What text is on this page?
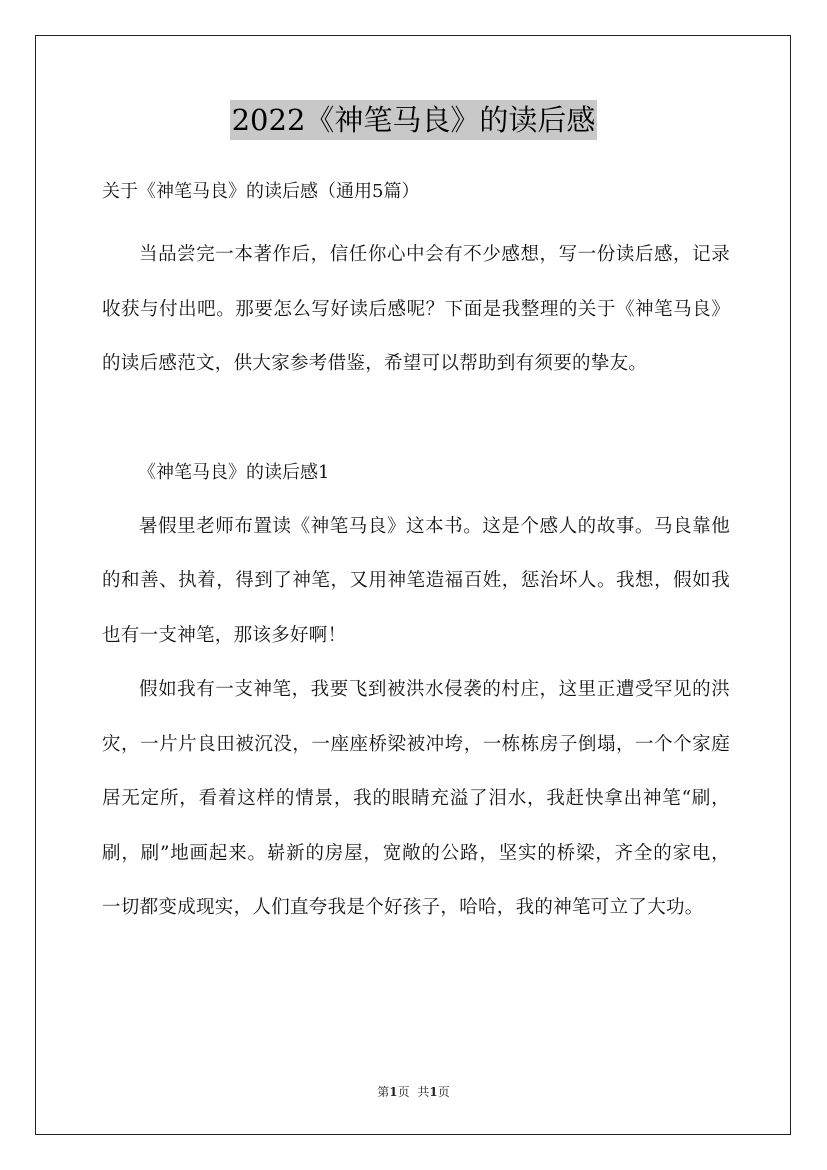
2022《神笔马良》的读后感

关于《神笔马良》的读后感（通用5篇）

当品尝完一本著作后，信任你心中会有不少感想，写一份读后感，记录收获与付出吧。那要怎么写好读后感呢？下面是我整理的关于《神笔马良》的读后感范文，供大家参考借鉴，希望可以帮助到有须要的挚友。

《神笔马良》的读后感1

暑假里老师布置读《神笔马良》这本书。这是个感人的故事。马良靠他的和善、执着，得到了神笔，又用神笔造福百姓，惩治坏人。我想，假如我也有一支神笔，那该多好啊！

假如我有一支神笔，我要飞到被洪水侵袭的村庄，这里正遭受罕见的洪灾，一片片良田被沉没，一座座桥梁被冲垮，一栋栋房子倒塌，一个个家庭居无定所，看着这样的情景，我的眼睛充溢了泪水，我赶快拿出神笔“刷，刷，刷”地画起来。崭新的房屋，宽敞的公路，坚实的桥梁，齐全的家电，一切都变成现实，人们直夸我是个好孩子，哈哈，我的神笔可立了大功。

第1页 共1页
